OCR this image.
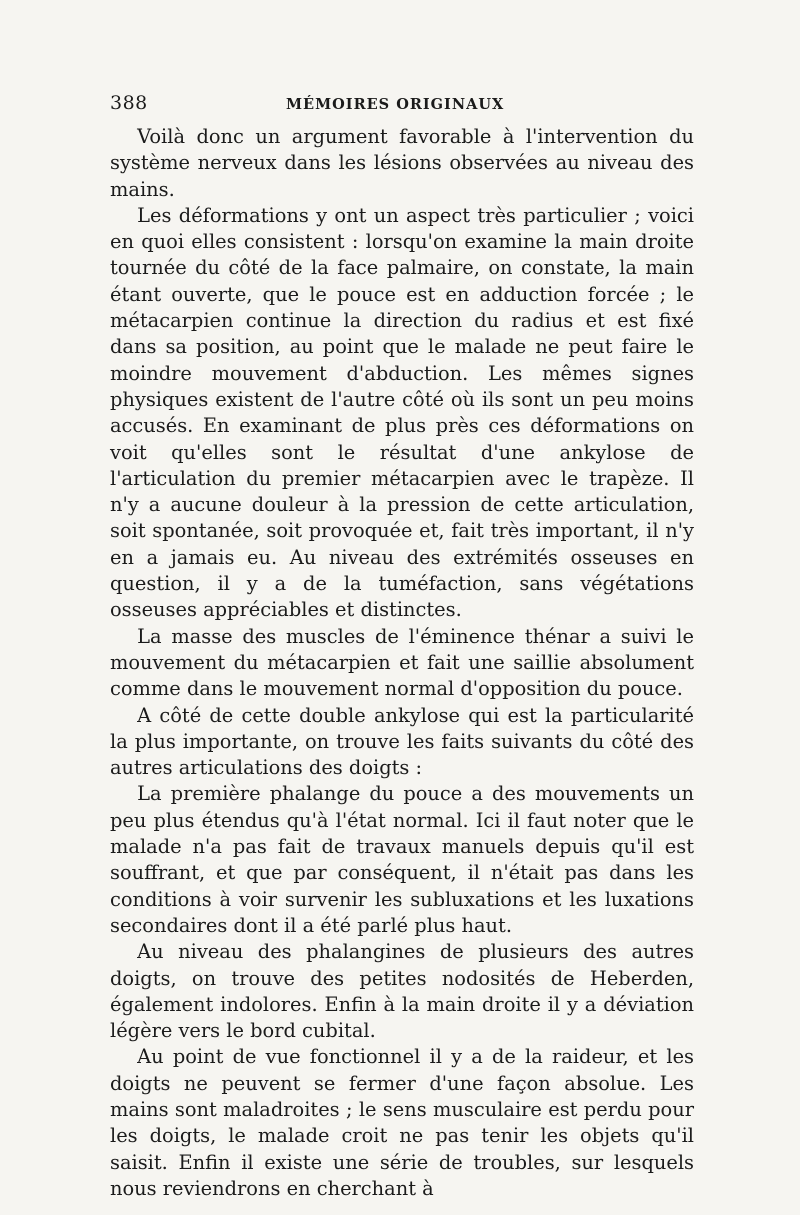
388	MÉMOIRES ORIGINAUX

Voilà donc un argument favorable à l'intervention du système nerveux dans les lésions observées au niveau des mains.

Les déformations y ont un aspect très particulier ; voici en quoi elles consistent : lorsqu'on examine la main droite tournée du côté de la face palmaire, on constate, la main étant ouverte, que le pouce est en adduction forcée ; le métacarpien continue la direction du radius et est fixé dans sa position, au point que le malade ne peut faire le moindre mouvement d'abduction. Les mêmes signes physiques existent de l'autre côté où ils sont un peu moins accusés. En examinant de plus près ces déformations on voit qu'elles sont le résultat d'une ankylose de l'articulation du premier métacarpien avec le trapèze. Il n'y a aucune douleur à la pression de cette articulation, soit spontanée, soit provoquée et, fait très important, il n'y en a jamais eu. Au niveau des extrémités osseuses en question, il y a de la tuméfaction, sans végétations osseuses appréciables et distinctes.

La masse des muscles de l'éminence thénar a suivi le mouvement du métacarpien et fait une saillie absolument comme dans le mouvement normal d'opposition du pouce.

A côté de cette double ankylose qui est la particularité la plus importante, on trouve les faits suivants du côté des autres articulations des doigts :

La première phalange du pouce a des mouvements un peu plus étendus qu'à l'état normal. Ici il faut noter que le malade n'a pas fait de travaux manuels depuis qu'il est souffrant, et que par conséquent, il n'était pas dans les conditions à voir survenir les subluxations et les luxations secondaires dont il a été parlé plus haut.

Au niveau des phalangines de plusieurs des autres doigts, on trouve des petites nodosités de Heberden, également indolores. Enfin à la main droite il y a déviation légère vers le bord cubital.

Au point de vue fonctionnel il y a de la raideur, et les doigts ne peuvent se fermer d'une façon absolue. Les mains sont maladroites ; le sens musculaire est perdu pour les doigts, le malade croit ne pas tenir les objets qu'il saisit. Enfin il existe une série de troubles, sur lesquels nous reviendrons en cherchant à
